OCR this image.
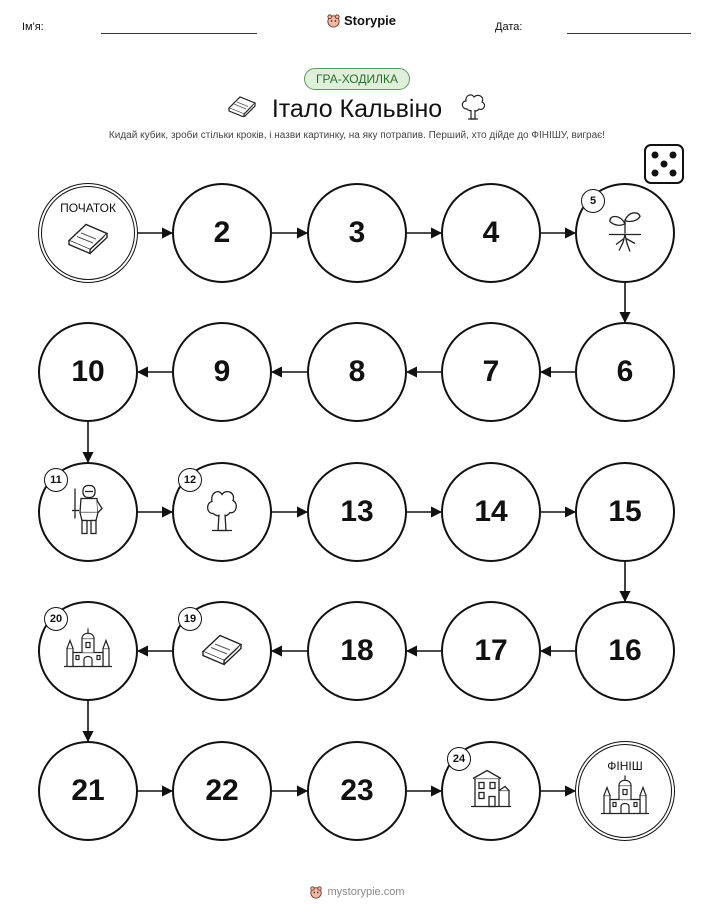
Ім'я:	Storypie	Дата:
ГРА-ХОДИЛКА
Італо Кальвіно
Кидай кубик, зроби стільки кроків, і назви картинку, на яку потрапив. Перший, хто дійде до ФІНІШУ, виграє!
ПОЧАТОК
2	3	4
5
6
7
8
9
10
11	12
13	14	15
16
17
18
19
20
21	22	23
24	ФІНІШ
mystorypie.com
